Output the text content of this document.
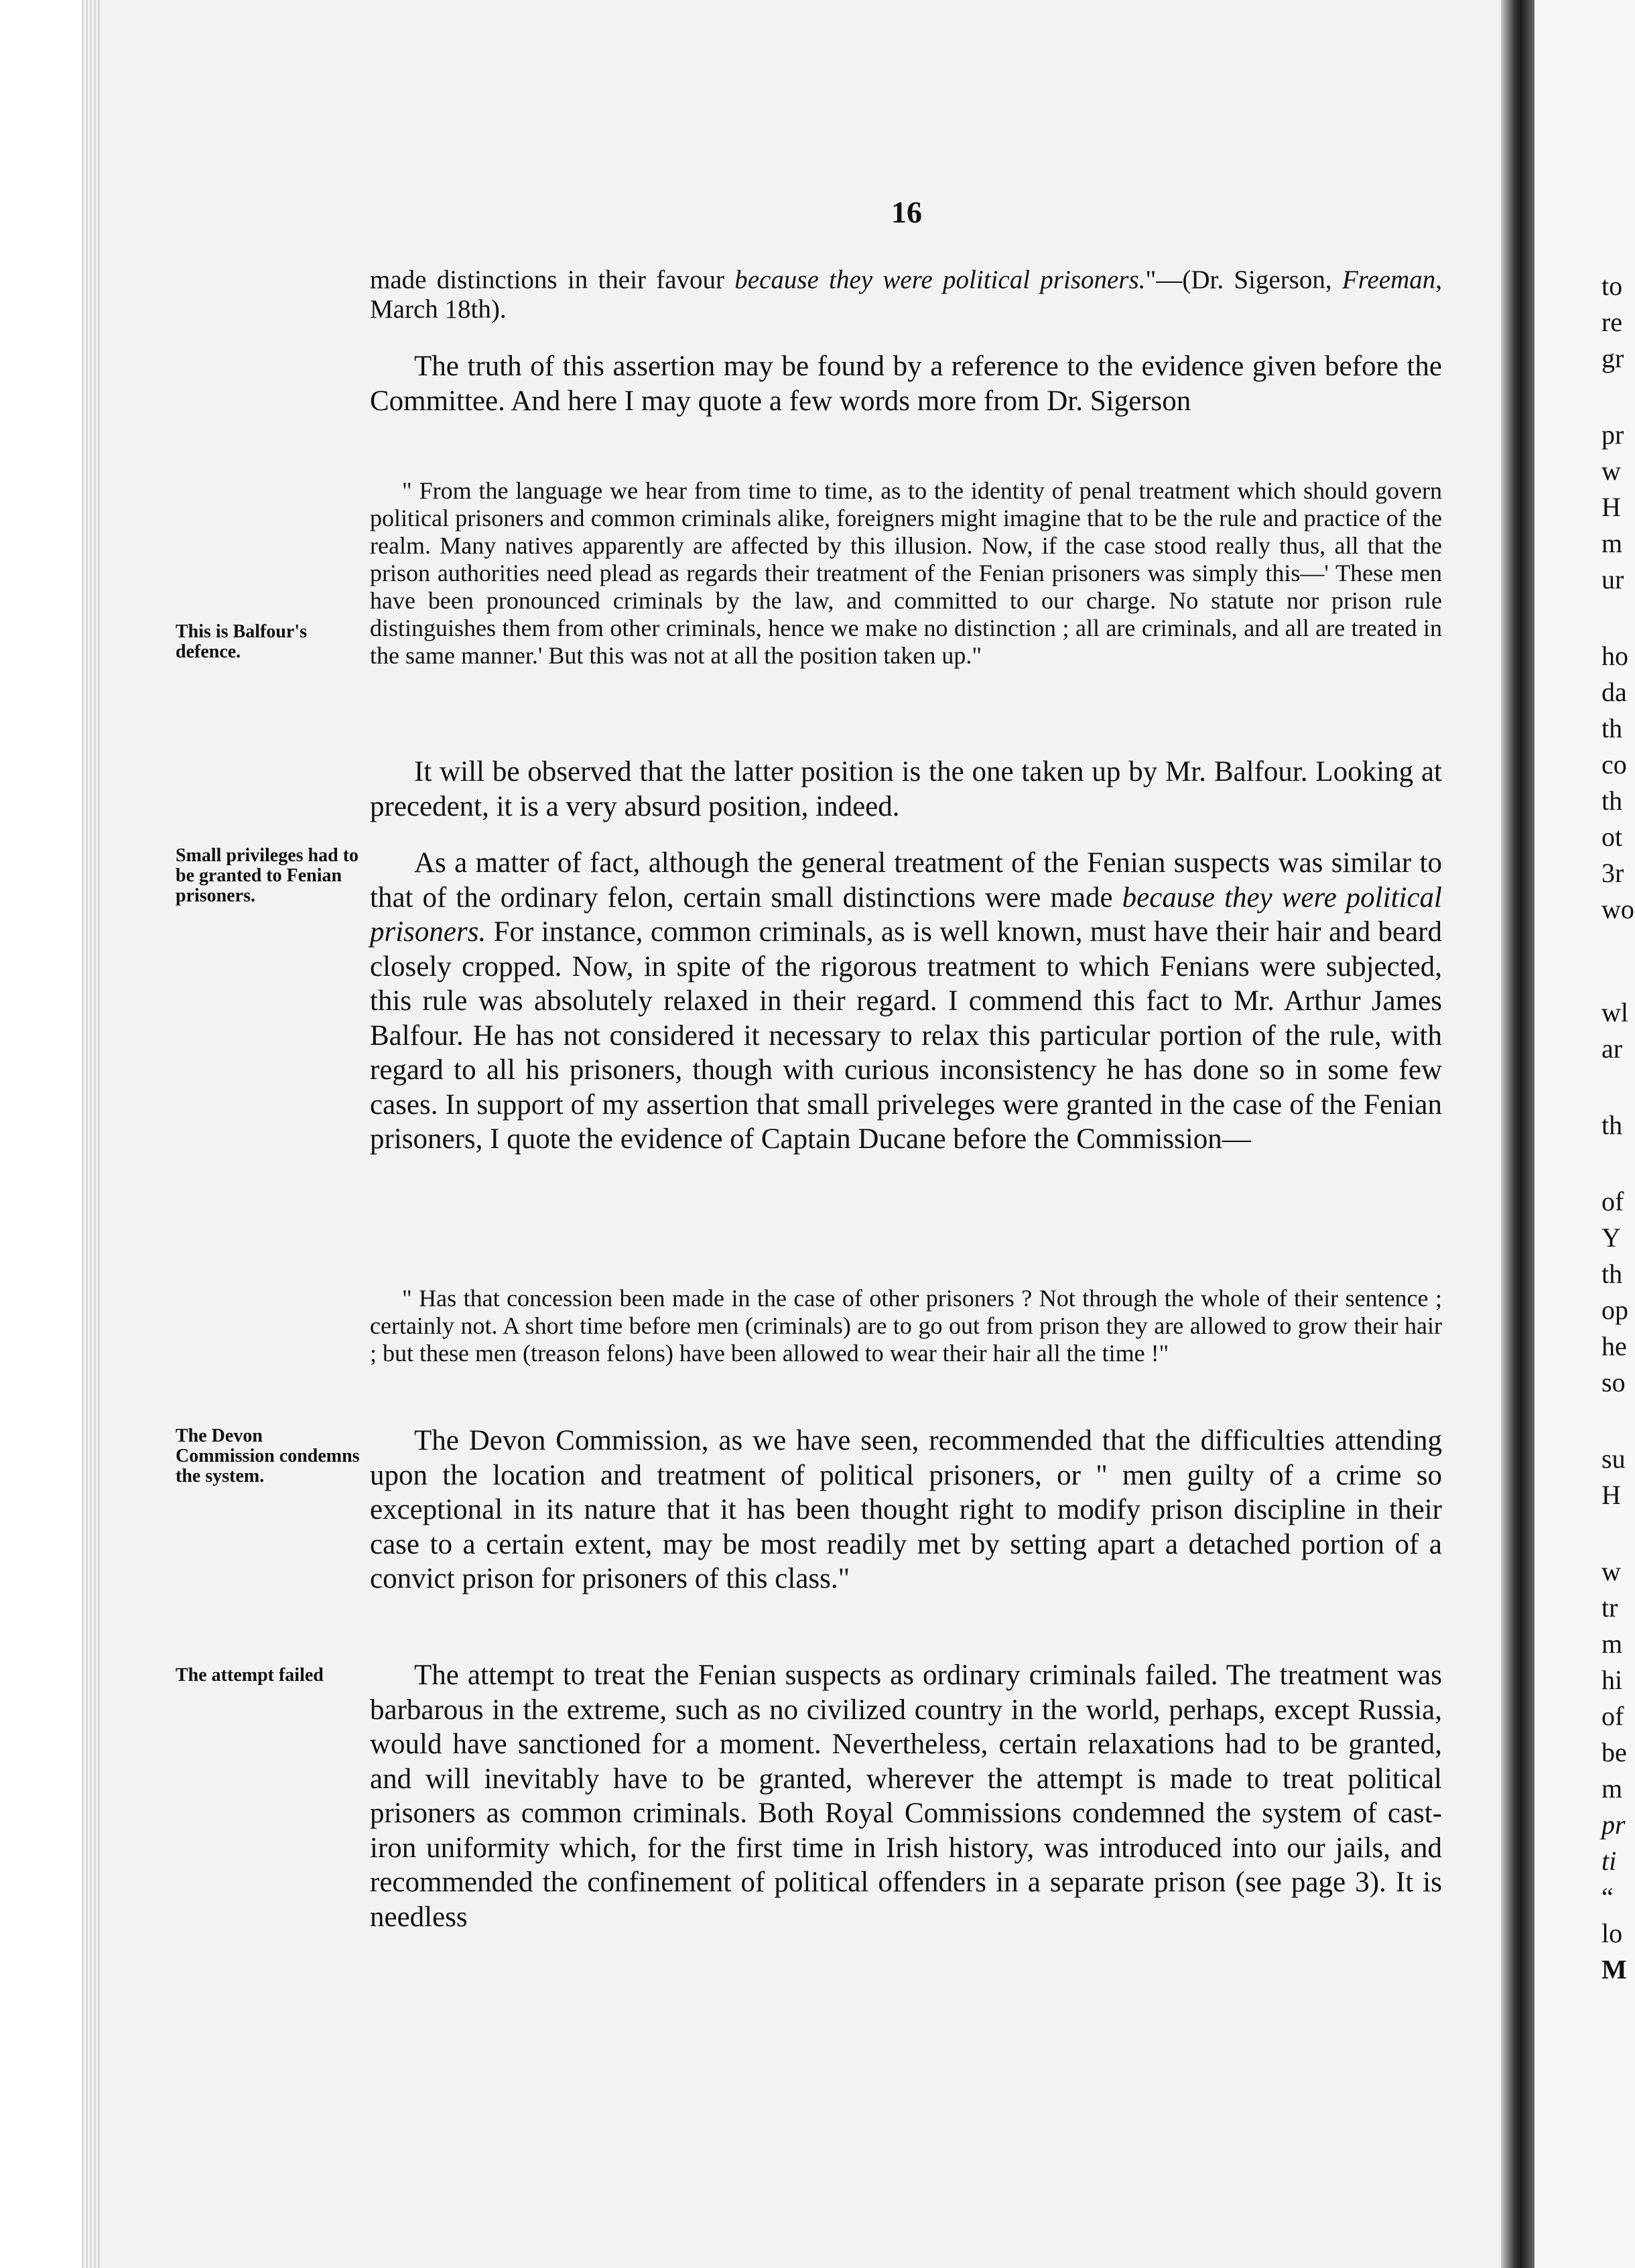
to
re
gr
pr
w
H
m
ur
ho
da
th
co
th
ot
3r
wo
wl
ar
th
of
Y
th
op
he
so
su
H
w
tr
m
hi
of
be
m
pr
ti
“
lo
M
16
This is Balfour's defence.
Small privileges had to be granted to Fenian prisoners.
The Devon Commission condemns the system.
The attempt failed

made distinctions in their favour because they were political prisoners."—(Dr. Sigerson, Freeman, March 18th).

The truth of this assertion may be found by a reference to the evidence given before the Committee. And here I may quote a few words more from Dr. Sigerson

" From the language we hear from time to time, as to the identity of penal treatment which should govern political prisoners and common criminals alike, foreigners might imagine that to be the rule and practice of the realm. Many natives apparently are affected by this illusion. Now, if the case stood really thus, all that the prison authorities need plead as regards their treatment of the Fenian prisoners was simply this—' These men have been pronounced criminals by the law, and committed to our charge. No statute nor prison rule distinguishes them from other criminals, hence we make no distinction ; all are criminals, and all are treated in the same manner.' But this was not at all the position taken up."

It will be observed that the latter position is the one taken up by Mr. Balfour. Looking at precedent, it is a very absurd position, indeed.

As a matter of fact, although the general treatment of the Fenian suspects was similar to that of the ordinary felon, certain small distinctions were made because they were political prisoners. For instance, common criminals, as is well known, must have their hair and beard closely cropped. Now, in spite of the rigorous treatment to which Fenians were subjected, this rule was absolutely relaxed in their regard. I commend this fact to Mr. Arthur James Balfour. He has not considered it necessary to relax this particular portion of the rule, with regard to all his prisoners, though with curious inconsistency he has done so in some few cases. In support of my assertion that small priveleges were granted in the case of the Fenian prisoners, I quote the evidence of Captain Ducane before the Commission—

" Has that concession been made in the case of other prisoners ? Not through the whole of their sentence ; certainly not. A short time before men (criminals) are to go out from prison they are allowed to grow their hair ; but these men (treason felons) have been allowed to wear their hair all the time !"

The Devon Commission, as we have seen, recommended that the difficulties attending upon the location and treatment of political prisoners, or " men guilty of a crime so exceptional in its nature that it has been thought right to modify prison discipline in their case to a certain extent, may be most readily met by setting apart a detached portion of a convict prison for prisoners of this class."

The attempt to treat the Fenian suspects as ordinary criminals failed. The treatment was barbarous in the extreme, such as no civilized country in the world, perhaps, except Russia, would have sanctioned for a moment. Nevertheless, certain relaxations had to be granted, and will inevitably have to be granted, wherever the attempt is made to treat political prisoners as common criminals. Both Royal Commissions condemned the system of cast-iron uniformity which, for the first time in Irish history, was introduced into our jails, and recommended the confinement of political offenders in a separate prison (see page 3). It is needless
